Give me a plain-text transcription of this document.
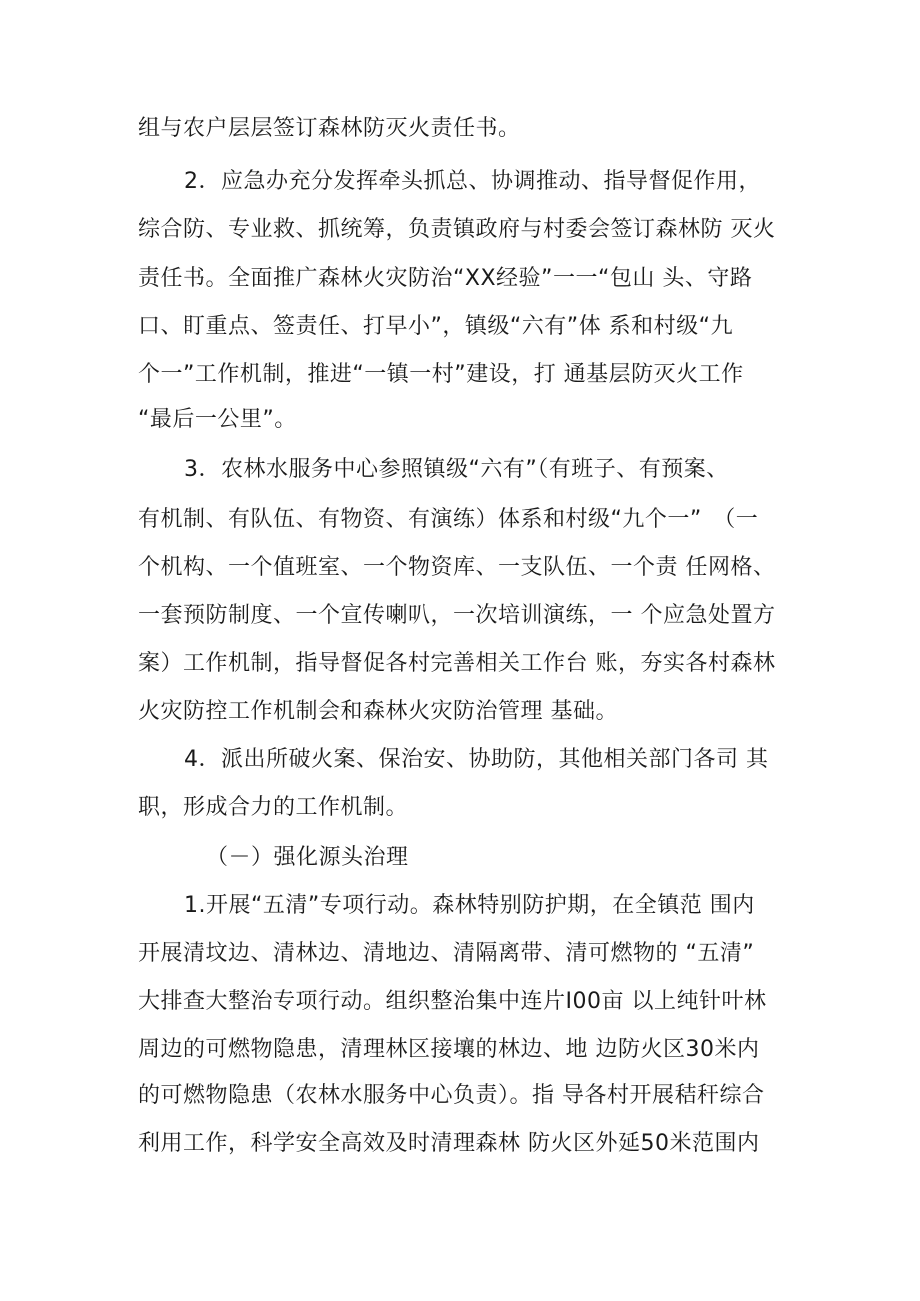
组与农户层层签订森林防灭火责任书。
2．应急办充分发挥牵头抓总、协调推动、指导督促作用，
综合防、专业救、抓统筹，负责镇政府与村委会签订森林防 灭火
责任书。全面推广森林火灾防治“XX经验”一一“包山 头、守路
口、盯重点、签责任、打早小”，镇级“六有”体 系和村级“九
个一”工作机制，推进“一镇一村”建设，打 通基层防灭火工作
“最后一公里”。
3．农林水服务中心参照镇级“六有”（有班子、有预案、
有机制、有队伍、有物资、有演练）体系和村级“九个一”　（一
个机构、一个值班室、一个物资库、一支队伍、一个责 任网格、
一套预防制度、一个宣传喇叭，一次培训演练，一 个应急处置方
案）工作机制，指导督促各村完善相关工作台 账，夯实各村森林
火灾防控工作机制会和森林火灾防治管理 基础。
4．派出所破火案、保治安、协助防，其他相关部门各司 其
职，形成合力的工作机制。
（－）强化源头治理
1.开展“五清”专项行动。森林特别防护期，在全镇范 围内
开展清坟边、清林边、清地边、清隔离带、清可燃物的 “五清”
大排查大整治专项行动。组织整治集中连片I00亩 以上纯针叶林
周边的可燃物隐患，清理林区接壤的林边、地 边防火区30米内
的可燃物隐患（农林水服务中心负责）。指 导各村开展秸秆综合
利用工作，科学安全高效及时清理森林 防火区外延50米范围内
